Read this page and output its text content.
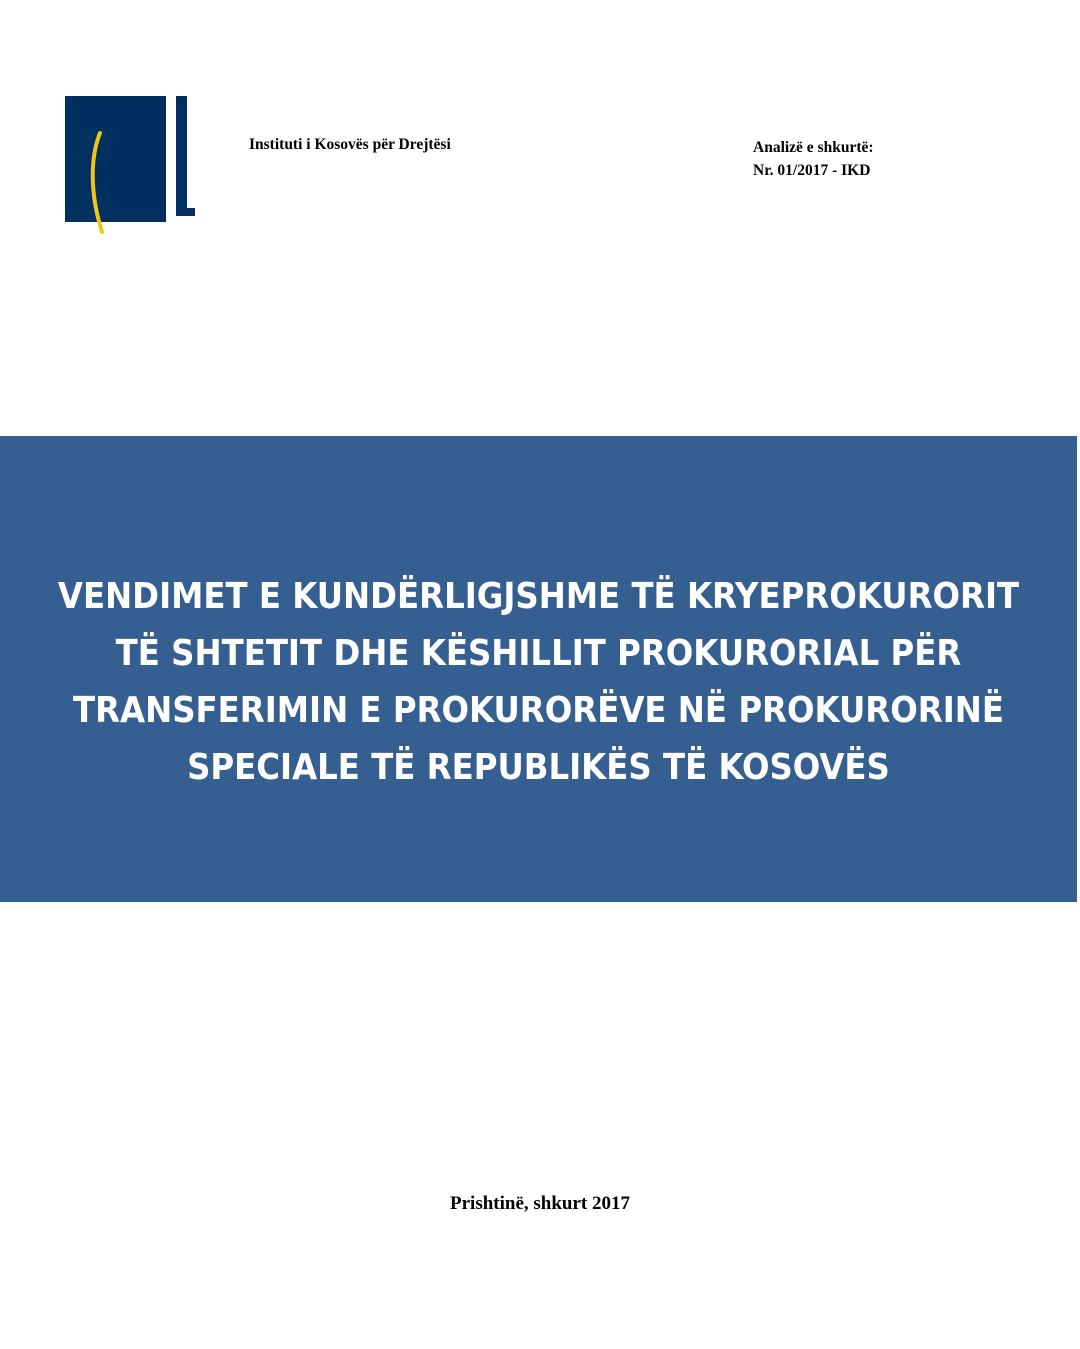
Instituti i Kosovës për Drejtësi	Analizë e shkurtë:
Nr. 01/2017 - IKD
VENDIMET E KUNDËRLIGJSHME TË KRYEPROKURORIT
TË SHTETIT DHE KËSHILLIT PROKURORIAL PËR
TRANSFERIMIN E PROKURORËVE NË PROKURORINË
SPECIALE TË REPUBLIKËS TË KOSOVËS
Prishtinë, shkurt 2017
